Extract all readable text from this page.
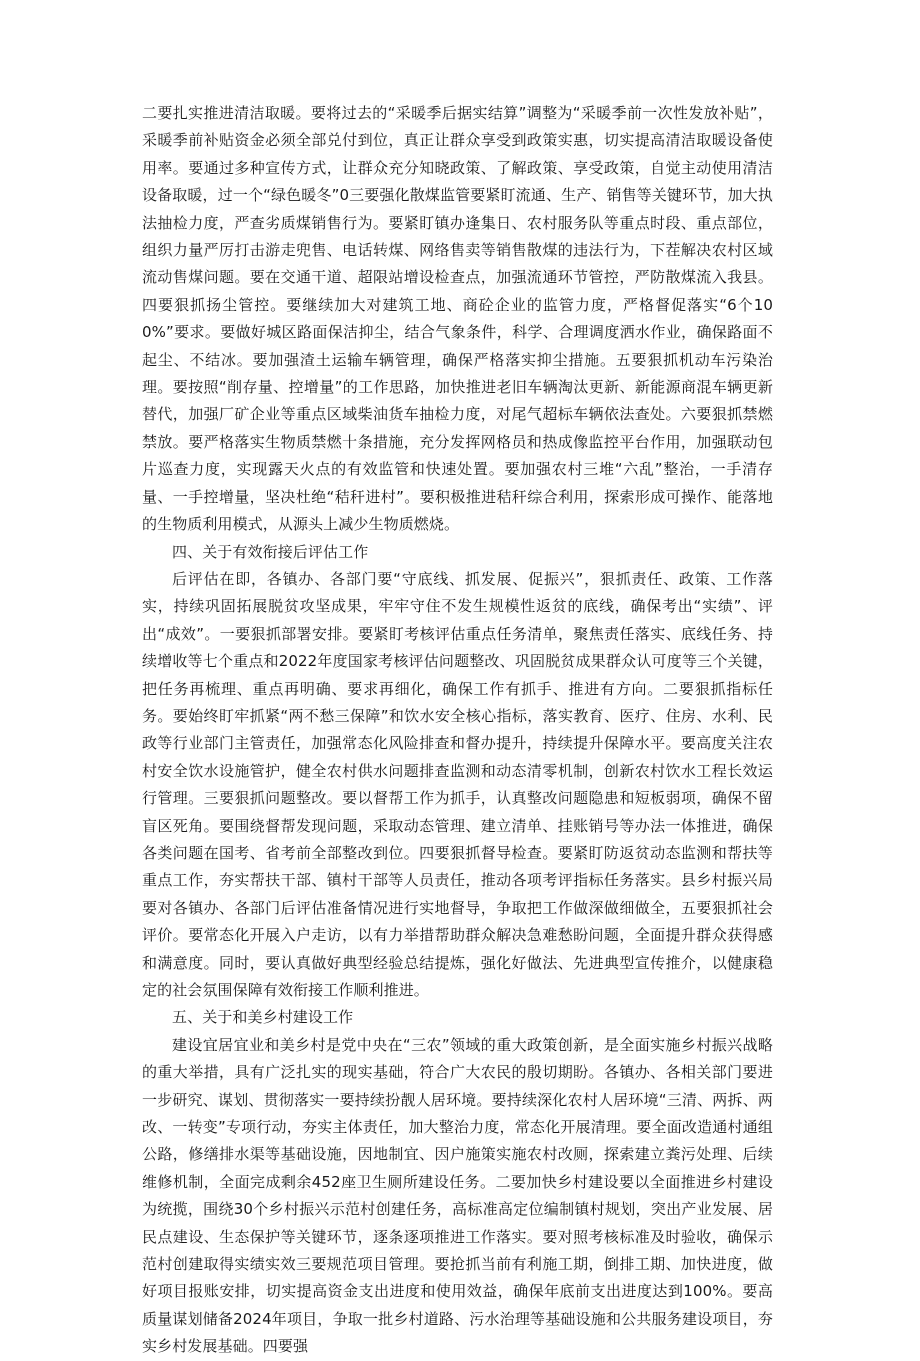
二要扎实推进清洁取暖。要将过去的“采暖季后据实结算”调整为“采暖季前一次性发放补贴”，采暖季前补贴资金必须全部兑付到位，真正让群众享受到政策实惠，切实提高清洁取暖设备使用率。要通过多种宣传方式，让群众充分知晓政策、了解政策、享受政策，自觉主动使用清洁设备取暖，过一个“绿色暖冬”0三要强化散煤监管要紧盯流通、生产、销售等关键环节，加大执法抽检力度，严查劣质煤销售行为。要紧盯镇办逢集日、农村服务队等重点时段、重点部位，组织力量严厉打击游走兜售、电话转煤、网络售卖等销售散煤的违法行为，下茬解决农村区域流动售煤问题。要在交通干道、超限站增设检查点，加强流通环节管控，严防散煤流入我县。四要狠抓扬尘管控。要继续加大对建筑工地、商砼企业的监管力度，严格督促落实“6个100%”要求。要做好城区路面保洁抑尘，结合气象条件，科学、合理调度洒水作业，确保路面不起尘、不结冰。要加强渣土运输车辆管理，确保严格落实抑尘措施。五要狠抓机动车污染治理。要按照“削存量、控增量”的工作思路，加快推进老旧车辆淘汰更新、新能源商混车辆更新替代，加强厂矿企业等重点区域柴油货车抽检力度，对尾气超标车辆依法查处。六要狠抓禁燃禁放。要严格落实生物质禁燃十条措施，充分发挥网格员和热成像监控平台作用，加强联动包片巡查力度，实现露天火点的有效监管和快速处置。要加强农村三堆“六乱”整治，一手清存量、一手控增量，坚决杜绝“秸秆进村”。要积极推进秸秆综合利用，探索形成可操作、能落地的生物质利用模式，从源头上减少生物质燃烧。

四、关于有效衔接后评估工作

后评估在即，各镇办、各部门要“守底线、抓发展、促振兴”，狠抓责任、政策、工作落实，持续巩固拓展脱贫攻坚成果，牢牢守住不发生规模性返贫的底线，确保考出“实绩”、评出“成效”。一要狠抓部署安排。要紧盯考核评估重点任务清单，聚焦责任落实、底线任务、持续增收等七个重点和2022年度国家考核评估问题整改、巩固脱贫成果群众认可度等三个关键，把任务再梳理、重点再明确、要求再细化，确保工作有抓手、推进有方向。二要狠抓指标任务。要始终盯牢抓紧“两不愁三保障”和饮水安全核心指标，落实教育、医疗、住房、水利、民政等行业部门主管责任，加强常态化风险排查和督办提升，持续提升保障水平。要高度关注农村安全饮水设施管护，健全农村供水问题排查监测和动态清零机制，创新农村饮水工程长效运行管理。三要狠抓问题整改。要以督帮工作为抓手，认真整改问题隐患和短板弱项，确保不留盲区死角。要围绕督帮发现问题，采取动态管理、建立清单、挂账销号等办法一体推进，确保各类问题在国考、省考前全部整改到位。四要狠抓督导检查。要紧盯防返贫动态监测和帮扶等重点工作，夯实帮扶干部、镇村干部等人员责任，推动各项考评指标任务落实。县乡村振兴局要对各镇办、各部门后评估准备情况进行实地督导，争取把工作做深做细做全，五要狠抓社会评价。要常态化开展入户走访，以有力举措帮助群众解决急难愁盼问题，全面提升群众获得感和满意度。同时，要认真做好典型经验总结提炼，强化好做法、先进典型宣传推介，以健康稳定的社会氛围保障有效衔接工作顺利推进。

五、关于和美乡村建设工作

建设宜居宜业和美乡村是党中央在“三农”领域的重大政策创新，是全面实施乡村振兴战略的重大举措，具有广泛扎实的现实基础，符合广大农民的殷切期盼。各镇办、各相关部门要进一步研究、谋划、贯彻落实一要持续扮靓人居环境。要持续深化农村人居环境“三清、两拆、两改、一转变”专项行动，夯实主体责任，加大整治力度，常态化开展清理。要全面改造通村通组公路，修缮排水渠等基础设施，因地制宜、因户施策实施农村改厕，探索建立粪污处理、后续维修机制，全面完成剩余452座卫生厕所建设任务。二要加快乡村建设要以全面推进乡村建设为统揽，围绕30个乡村振兴示范村创建任务，高标准高定位编制镇村规划，突出产业发展、居民点建设、生态保护等关键环节，逐条逐项推进工作落实。要对照考核标准及时验收，确保示范村创建取得实绩实效三要规范项目管理。要抢抓当前有利施工期，倒排工期、加快进度，做好项目报账安排，切实提高资金支出进度和使用效益，确保年底前支出进度达到100%。要高质量谋划储备2024年项目，争取一批乡村道路、污水治理等基础设施和公共服务建设项目，夯实乡村发展基础。四要强
